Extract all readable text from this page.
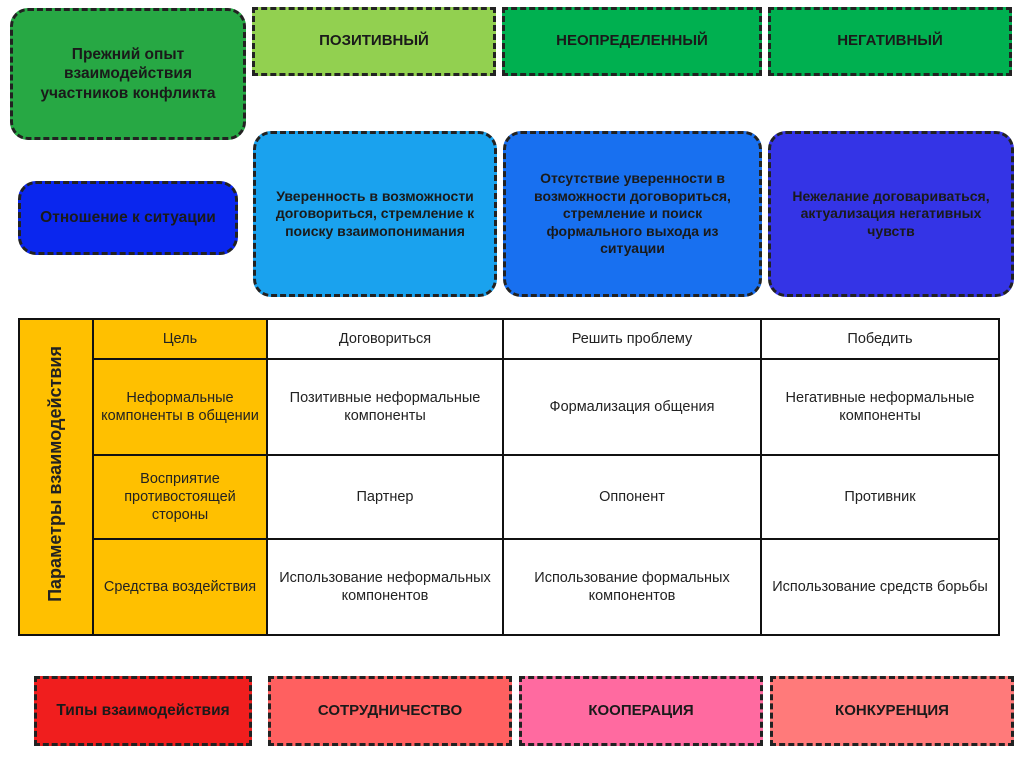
Прежний опыт взаимодействия участников конфликта
ПОЗИТИВНЫЙ	НЕОПРЕДЕЛЕННЫЙ	НЕГАТИВНЫЙ
Отношение к ситуации
Уверенность в возможности договориться, стремление к поиску взаимопонимания
Отсутствие уверенности в возможности договориться, стремление и поиск формального выхода из ситуации
Нежелание договариваться, актуализация негативных чувств
Параметры взаимодействия	Цель	Договориться	Решить проблему	Победить
	Неформальные компоненты в общении	Позитивные неформальные компоненты	Формализация общения	Негативные неформальные компоненты
	Восприятие противостоящей стороны	Партнер	Оппонент	Противник
	Средства воздействия	Использование неформальных компонентов	Использование формальных компонентов	Использование средств борьбы
Типы взаимодействия	СОТРУДНИЧЕСТВО	КООПЕРАЦИЯ	КОНКУРЕНЦИЯ
